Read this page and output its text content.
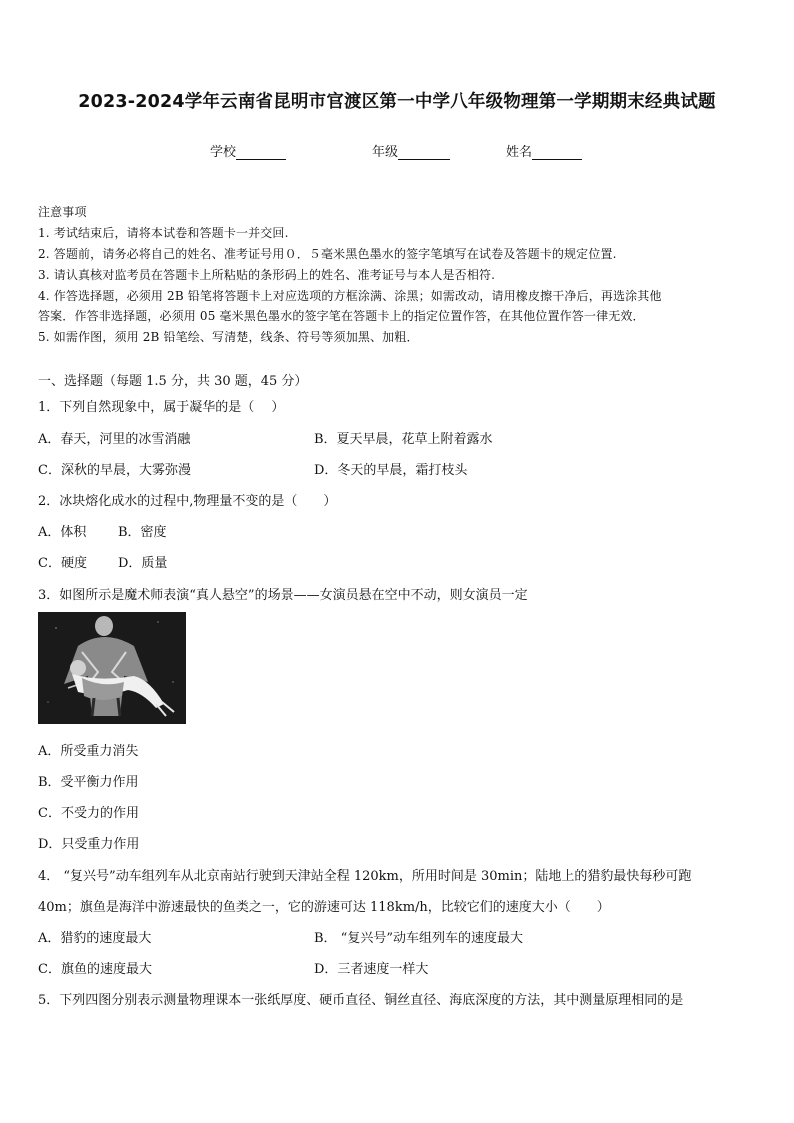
2023-2024学年云南省昆明市官渡区第一中学八年级物理第一学期期末经典试题
学校	年级	姓名
注意事项
1. 考试结束后，请将本试卷和答题卡一并交回.
2. 答题前，请务必将自己的姓名、准考证号用０．５毫米黑色墨水的签字笔填写在试卷及答题卡的规定位置.
3. 请认真核对监考员在答题卡上所粘贴的条形码上的姓名、准考证号与本人是否相符.
4. 作答选择题，必须用 2B 铅笔将答题卡上对应选项的方框涂满、涂黑；如需改动，请用橡皮擦干净后，再选涂其他
答案．作答非选择题，必须用 05 毫米黑色墨水的签字笔在答题卡上的指定位置作答，在其他位置作答一律无效．
5. 如需作图，须用 2B 铅笔绘、写清楚，线条、符号等须加黑、加粗．
一、选择题（每题 1.5 分，共 30 题，45 分）
1．下列自然现象中，属于凝华的是（　 ）
A．春天，河里的冰雪消融	B．夏天早晨，花草上附着露水
C．深秋的早晨，大雾弥漫	D．冬天的早晨，霜打枝头
2．冰块熔化成水的过程中,物理量不变的是（　　）
A．体积 B．密度
C．硬度 D．质量
3．如图所示是魔术师表演“真人悬空”的场景——女演员悬在空中不动，则女演员一定
A．所受重力消失
B．受平衡力作用
C．不受力的作用
D．只受重力作用
4． “复兴号”动车组列车从北京南站行驶到天津站全程 120km，所用时间是 30min；陆地上的猎豹最快每秒可跑
40m；旗鱼是海洋中游速最快的鱼类之一，它的游速可达 118km/h，比较它们的速度大小（　　）
A．猎豹的速度最大	B． “复兴号”动车组列车的速度最大
C．旗鱼的速度最大	D．三者速度一样大
5．下列四图分别表示测量物理课本一张纸厚度、硬币直径、铜丝直径、海底深度的方法，其中测量原理相同的是
